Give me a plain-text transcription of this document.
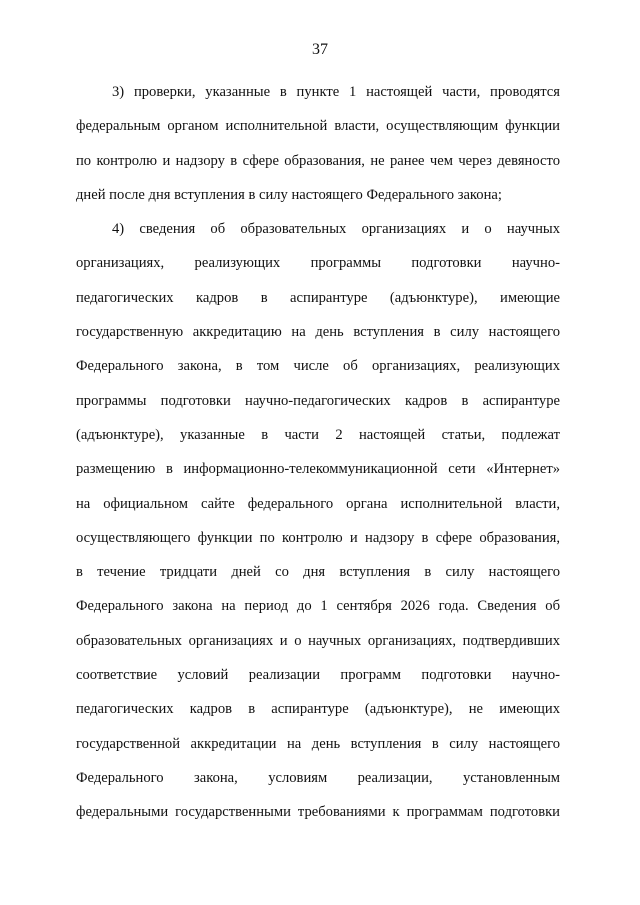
37
3) проверки, указанные в пункте 1 настоящей части, проводятся
федеральным органом исполнительной власти, осуществляющим функции
по контролю и надзору в сфере образования, не ранее чем через девяносто
дней после дня вступления в силу настоящего Федерального закона;
4) сведения об образовательных организациях и о научных
организациях, реализующих программы подготовки научно-
педагогических кадров в аспирантуре (адъюнктуре), имеющие
государственную аккредитацию на день вступления в силу настоящего
Федерального закона, в том числе об организациях, реализующих
программы подготовки научно-педагогических кадров в аспирантуре
(адъюнктуре), указанные в части 2 настоящей статьи, подлежат
размещению в информационно-телекоммуникационной сети «Интернет»
на официальном сайте федерального органа исполнительной власти,
осуществляющего функции по контролю и надзору в сфере образования,
в течение тридцати дней со дня вступления в силу настоящего
Федерального закона на период до 1 сентября 2026 года. Сведения об
образовательных организациях и о научных организациях, подтвердивших
соответствие условий реализации программ подготовки научно-
педагогических кадров в аспирантуре (адъюнктуре), не имеющих
государственной аккредитации на день вступления в силу настоящего
Федерального закона, условиям реализации, установленным
федеральными государственными требованиями к программам подготовки
